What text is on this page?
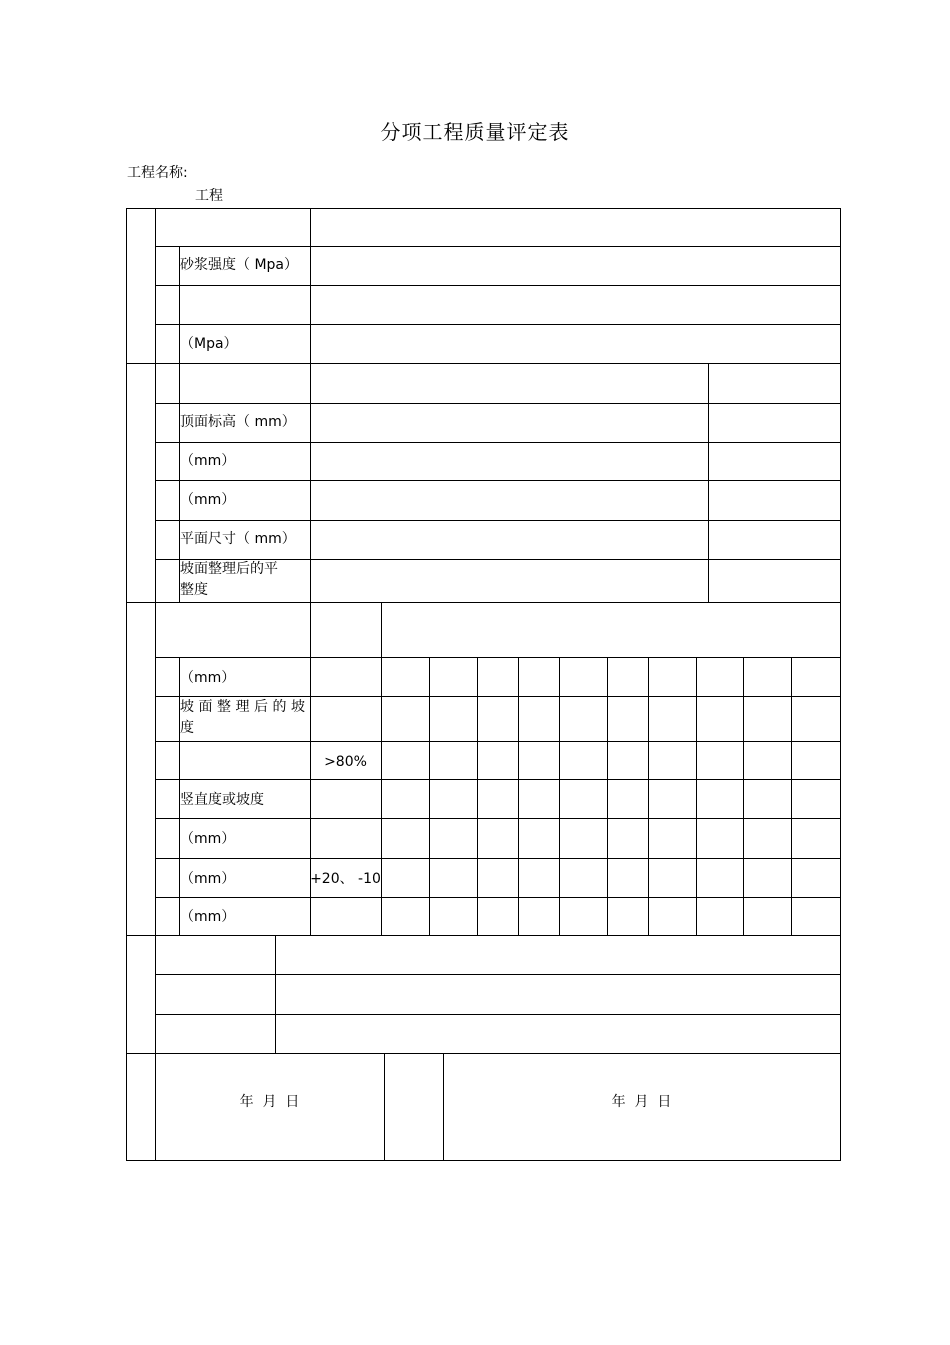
分项工程质量评定表
工程名称:
工程
砂浆强度（ Mpa）
（Mpa）
顶面标高（ mm）
（mm）
（mm）
平面尺寸（ mm）
坡面整理后的平整度
（mm）
坡 面 整 理 后 的 坡度
>80%
竖直度或坡度
（mm）
（mm）	+20、 -10
（mm）
年  月  日	年  月  日
